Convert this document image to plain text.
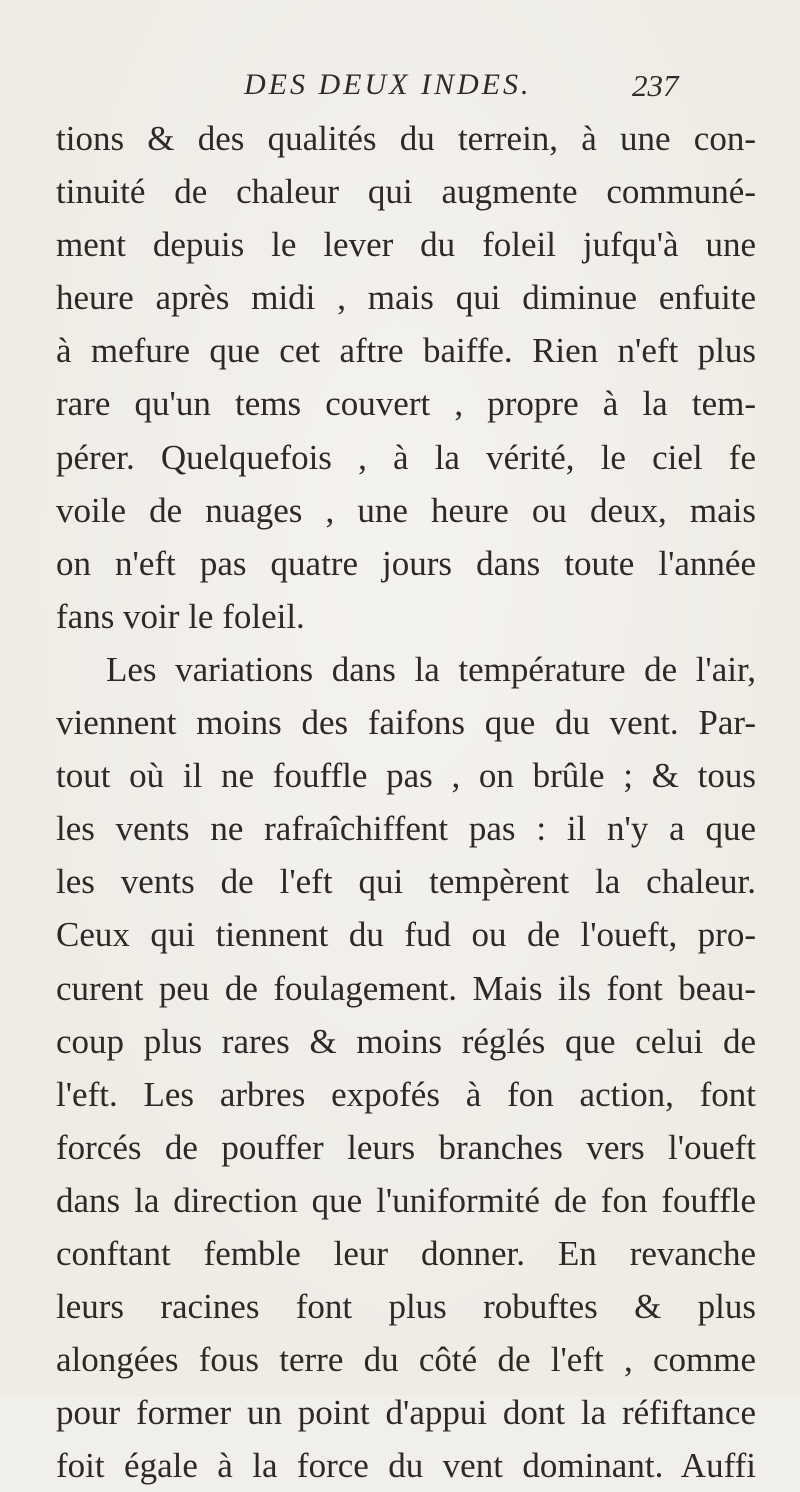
DES DEUX INDES.	237
tions & des qualités du terrein, à une con-
tinuité de chaleur qui augmente communé-
ment depuis le lever du foleil jufqu'à une
heure après midi , mais qui diminue enfuite
à mefure que cet aftre baiffe. Rien n'eft plus
rare qu'un tems couvert , propre à la tem-
pérer. Quelquefois , à la vérité, le ciel fe
voile de nuages , une heure ou deux, mais
on n'eft pas quatre jours dans toute l'année
fans voir le foleil.
Les variations dans la température de l'air,
viennent moins des faifons que du vent. Par-
tout où il ne fouffle pas , on brûle ; & tous
les vents ne rafraîchiffent pas : il n'y a que
les vents de l'eft qui tempèrent la chaleur.
Ceux qui tiennent du fud ou de l'oueft, pro-
curent peu de foulagement. Mais ils font beau-
coup plus rares & moins réglés que celui de
l'eft. Les arbres expofés à fon action, font
forcés de pouffer leurs branches vers l'oueft
dans la direction que l'uniformité de fon fouffle
conftant femble leur donner. En revanche
leurs racines font plus robuftes & plus
alongées fous terre du côté de l'eft , comme
pour former un point d'appui dont la réfiftance
foit égale à la force du vent dominant. Auffi
